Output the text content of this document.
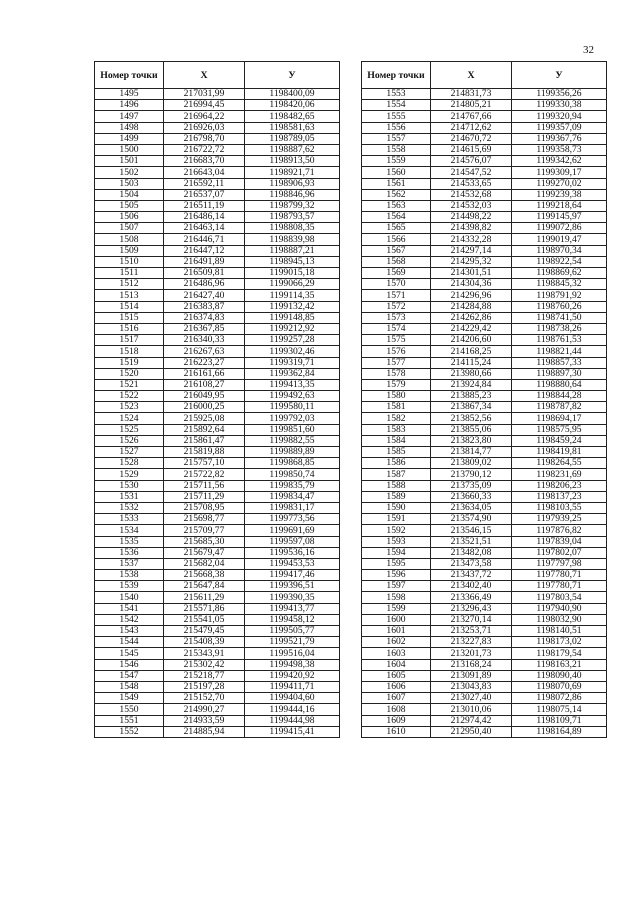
32
Номер точки	X	У
1495	217031,99	1198400,09
1496	216994,45	1198420,06
1497	216964,22	1198482,65
1498	216926,03	1198581,63
1499	216798,70	1198789,05
1500	216722,72	1198887,62
1501	216683,70	1198913,50
1502	216643,04	1198921,71
1503	216592,11	1198906,93
1504	216537,07	1198846,96
1505	216511,19	1198799,32
1506	216486,14	1198793,57
1507	216463,14	1198808,35
1508	216446,71	1198839,98
1509	216447,12	1198887,21
1510	216491,89	1198945,13
1511	216509,81	1199015,18
1512	216486,96	1199066,29
1513	216427,40	1199114,35
1514	216383,87	1199132,42
1515	216374,83	1199148,85
1516	216367,85	1199212,92
1517	216340,33	1199257,28
1518	216267,63	1199302,46
1519	216223,27	1199319,71
1520	216161,66	1199362,84
1521	216108,27	1199413,35
1522	216049,95	1199492,63
1523	216000,25	1199580,11
1524	215925,08	1199792,03
1525	215892,64	1199851,60
1526	215861,47	1199882,55
1527	215819,88	1199889,89
1528	215757,10	1199868,85
1529	215722,82	1199850,74
1530	215711,56	1199835,79
1531	215711,29	1199834,47
1532	215708,95	1199831,17
1533	215698,77	1199773,56
1534	215709,77	1199691,69
1535	215685,30	1199597,08
1536	215679,47	1199536,16
1537	215682,04	1199453,53
1538	215668,38	1199417,46
1539	215647,84	1199396,51
1540	215611,29	1199390,35
1541	215571,86	1199413,77
1542	215541,05	1199458,12
1543	215479,45	1199505,77
1544	215408,39	1199521,79
1545	215343,91	1199516,04
1546	215302,42	1199498,38
1547	215218,77	1199420,92
1548	215197,28	1199411,71
1549	215152,70	1199404,60
1550	214990,27	1199444,16
1551	214933,59	1199444,98
1552	214885,94	1199415,41
Номер точки	X	У
1553	214831,73	1199356,26
1554	214805,21	1199330,38
1555	214767,66	1199320,94
1556	214712,62	1199357,09
1557	214670,72	1199367,76
1558	214615,69	1199358,73
1559	214576,07	1199342,62
1560	214547,52	1199309,17
1561	214533,65	1199270,02
1562	214532,68	1199239,38
1563	214532,03	1199218,64
1564	214498,22	1199145,97
1565	214398,82	1199072,86
1566	214332,28	1199019,47
1567	214297,14	1198970,34
1568	214295,32	1198922,54
1569	214301,51	1198869,62
1570	214304,36	1198845,32
1571	214296,96	1198791,92
1572	214284,88	1198760,26
1573	214262,86	1198741,50
1574	214229,42	1198738,26
1575	214206,60	1198761,53
1576	214168,25	1198821,44
1577	214115,24	1198857,33
1578	213980,66	1198897,30
1579	213924,84	1198880,64
1580	213885,23	1198844,28
1581	213867,34	1198787,82
1582	213852,56	1198694,17
1583	213855,06	1198575,95
1584	213823,80	1198459,24
1585	213814,77	1198419,81
1586	213809,02	1198264,55
1587	213790,12	1198231,69
1588	213735,09	1198206,23
1589	213660,33	1198137,23
1590	213634,05	1198103,55
1591	213574,90	1197939,25
1592	213546,15	1197876,82
1593	213521,51	1197839,04
1594	213482,08	1197802,07
1595	213473,58	1197797,98
1596	213437,72	1197780,71
1597	213402,40	1197780,71
1598	213366,49	1197803,54
1599	213296,43	1197940,90
1600	213270,14	1198032,90
1601	213253,71	1198140,51
1602	213227,83	1198173,02
1603	213201,73	1198179,54
1604	213168,24	1198163,21
1605	213091,89	1198090,40
1606	213043,83	1198070,69
1607	213027,40	1198072,86
1608	213010,06	1198075,14
1609	212974,42	1198109,71
1610	212950,40	1198164,89
